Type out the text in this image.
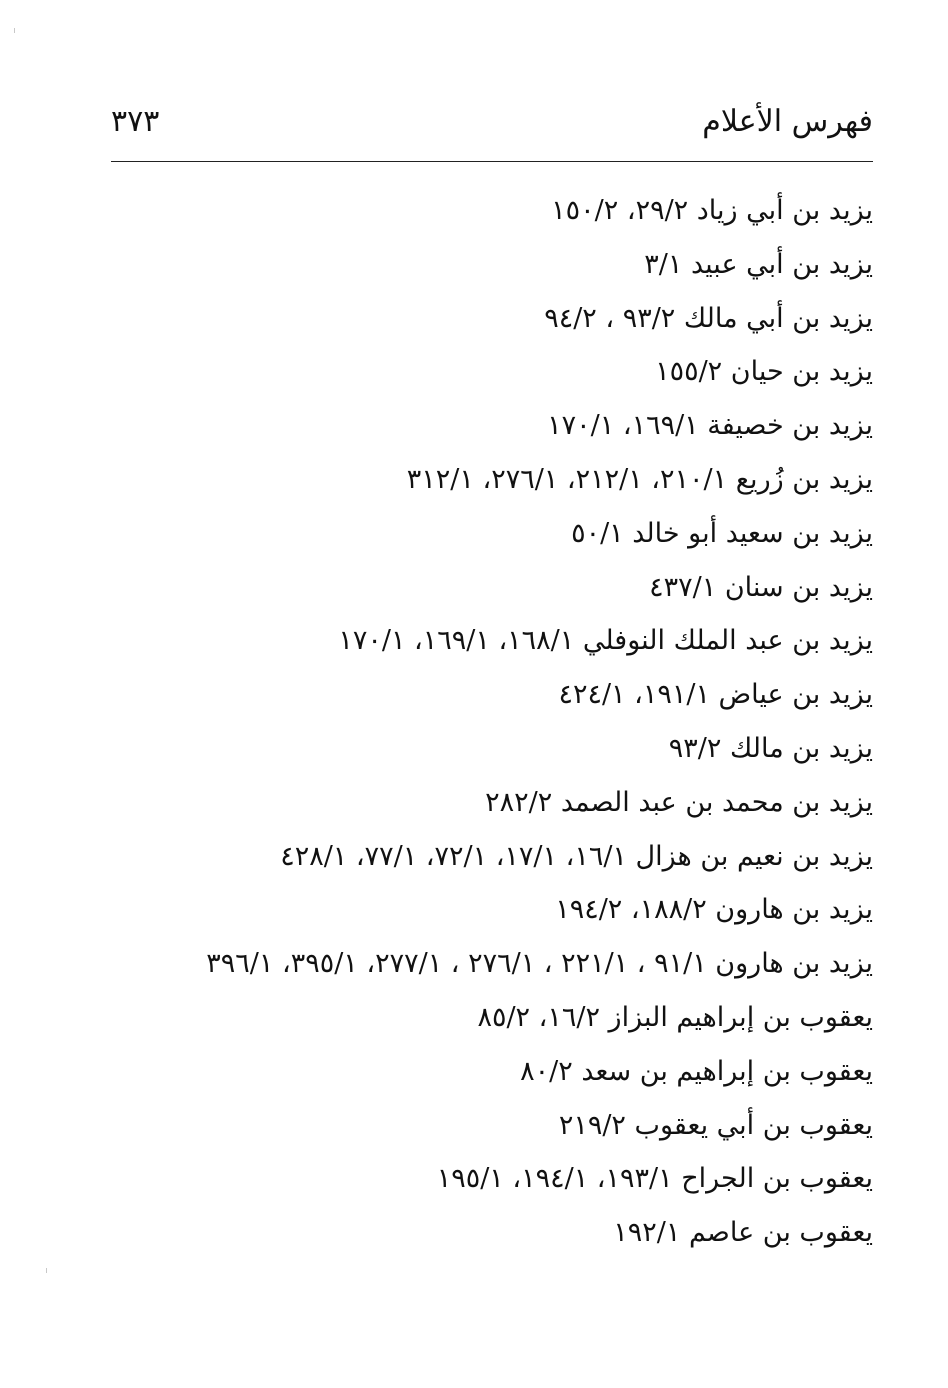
فهرس الأعلام
٣٧٣
يزيد بن أبي زياد ٢٩/٢، ١٥٠/٢
يزيد بن أبي عبيد ٣/١
يزيد بن أبي مالك ٩٣/٢ ، ٩٤/٢
يزيد بن حيان ١٥٥/٢
يزيد بن خصيفة ١٦٩/١، ١٧٠/١
يزيد بن زُريع ٢١٠/١، ٢١٢/١، ٢٧٦/١، ٣١٢/١
يزيد بن سعيد أبو خالد ٥٠/١
يزيد بن سنان ٤٣٧/١
يزيد بن عبد الملك النوفلي ١٦٨/١، ١٦٩/١، ١٧٠/١
يزيد بن عياض ١٩١/١، ٤٢٤/١
يزيد بن مالك ٩٣/٢
يزيد بن محمد بن عبد الصمد ٢٨٢/٢
يزيد بن نعيم بن هزال ١٦/١، ١٧/١، ٧٢/١، ٧٧/١، ٤٢٨/١
يزيد بن هارون ١٨٨/٢، ١٩٤/٢
يزيد بن هارون ٩١/١ ، ٢٢١/١ ، ٢٧٦/١ ، ٢٧٧/١، ٣٩٥/١، ٣٩٦/١
يعقوب بن إبراهيم البزاز ١٦/٢، ٨٥/٢
يعقوب بن إبراهيم بن سعد ٨٠/٢
يعقوب بن أبي يعقوب ٢١٩/٢
يعقوب بن الجراح ١٩٣/١، ١٩٤/١، ١٩٥/١
يعقوب بن عاصم ١٩٢/١
